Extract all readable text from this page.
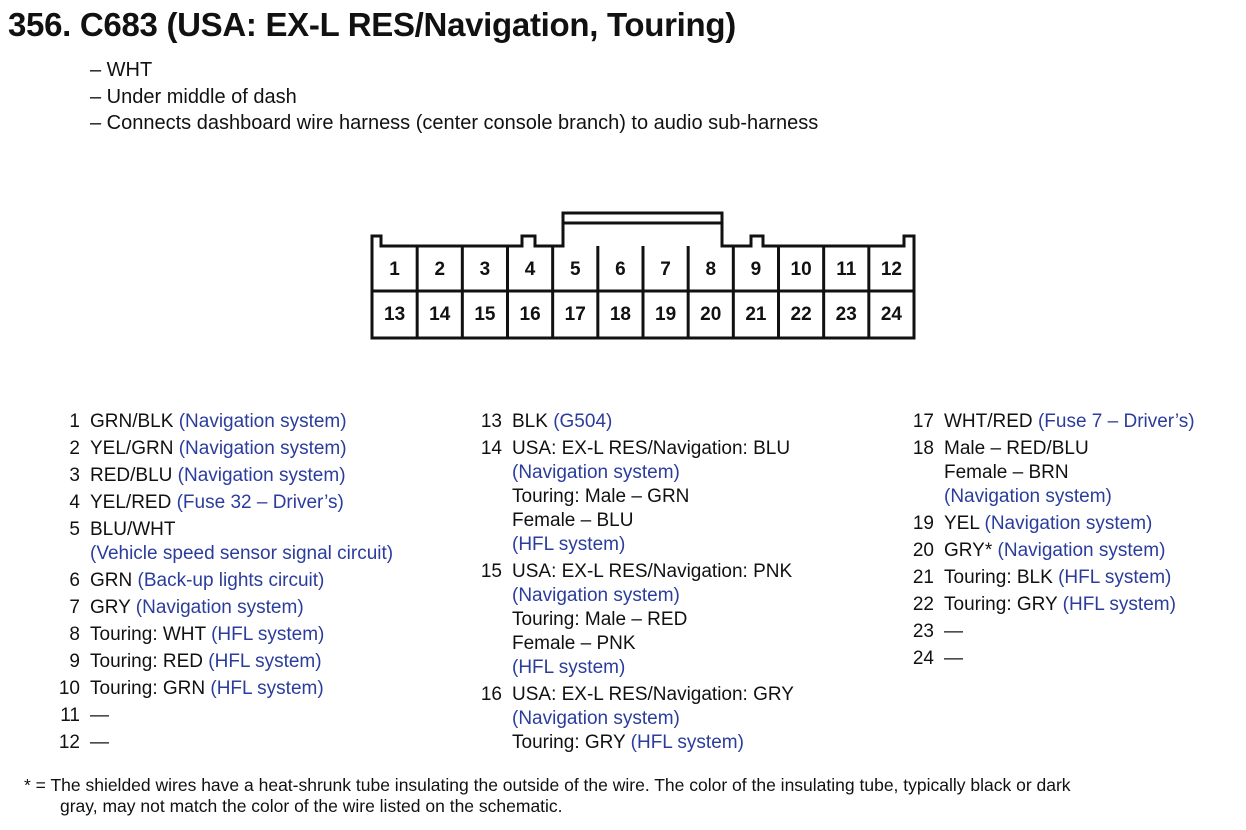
356. C683 (USA: EX-L RES/Navigation, Touring)
– WHT
– Under middle of dash
– Connects dashboard wire harness (center console branch) to audio sub-harness
1 2 3 4 5 6 7 8 9 10 11 12
13 14 15 16 17 18 19 20 21 22 23 24
1 GRN/BLK (Navigation system)
2 YEL/GRN (Navigation system)
3 RED/BLU (Navigation system)
4 YEL/RED (Fuse 32 – Driver’s)
5 BLU/WHT
(Vehicle speed sensor signal circuit)
6 GRN (Back-up lights circuit)
7 GRY (Navigation system)
8 Touring: WHT (HFL system)
9 Touring: RED (HFL system)
10 Touring: GRN (HFL system)
11 —
12 —
13 BLK (G504)
14 USA: EX-L RES/Navigation: BLU
(Navigation system)
Touring: Male – GRN
Female – BLU
(HFL system)
15 USA: EX-L RES/Navigation: PNK
(Navigation system)
Touring: Male – RED
Female – PNK
(HFL system)
16 USA: EX-L RES/Navigation: GRY
(Navigation system)
Touring: GRY (HFL system)
17 WHT/RED (Fuse 7 – Driver’s)
18 Male – RED/BLU
Female – BRN
(Navigation system)
19 YEL (Navigation system)
20 GRY* (Navigation system)
21 Touring: BLK (HFL system)
22 Touring: GRY (HFL system)
23 —
24 —
* = The shielded wires have a heat-shrunk tube insulating the outside of the wire. The color of the insulating tube, typically black or dark
gray, may not match the color of the wire listed on the schematic.
